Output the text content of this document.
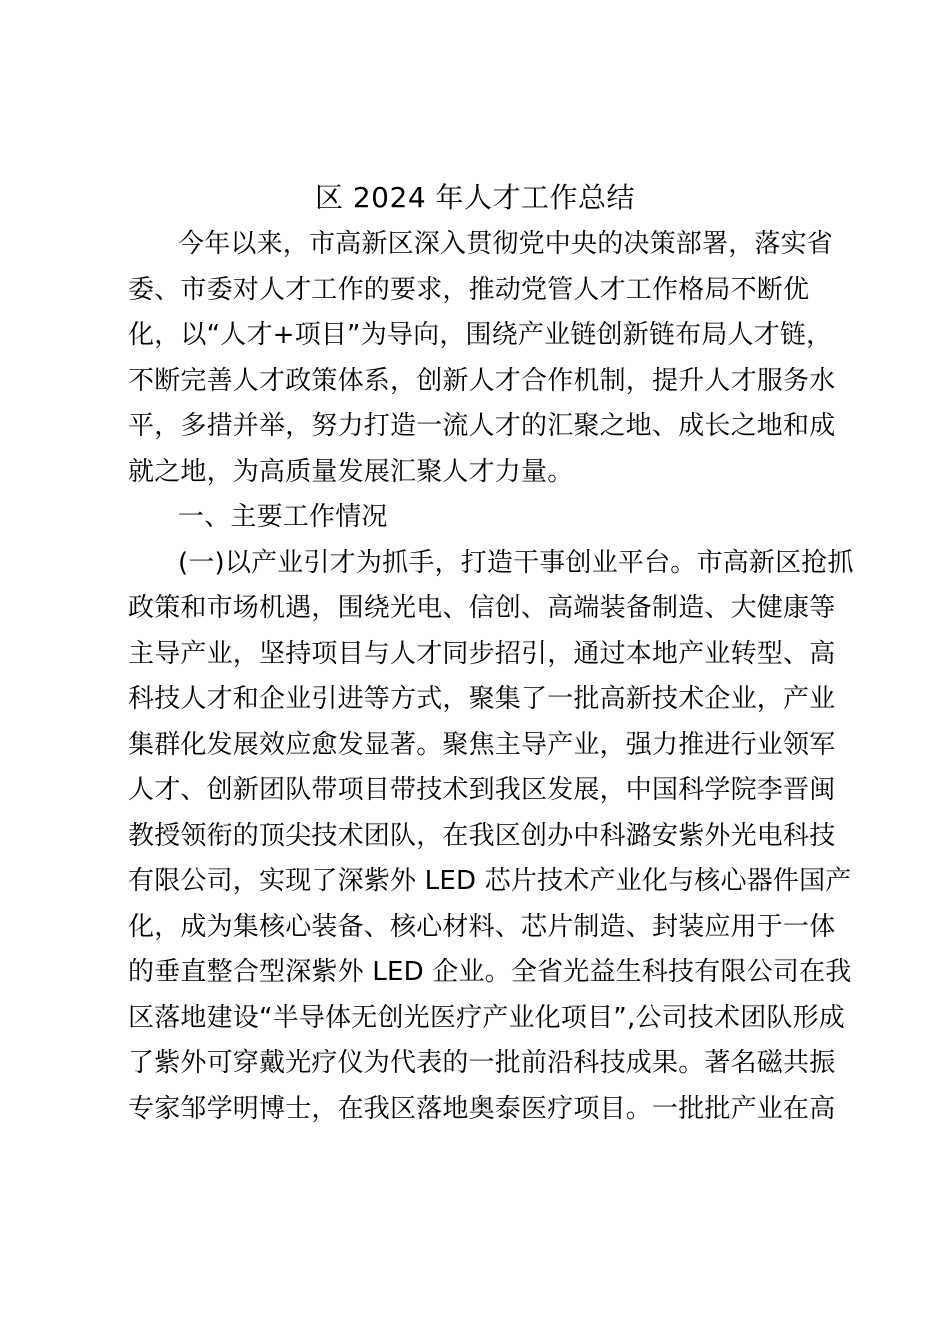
区 2024 年人才工作总结
今年以来，市高新区深入贯彻党中央的决策部署，落实省
委、市委对人才工作的要求，推动党管人才工作格局不断优
化，以“人才+项目”为导向，围绕产业链创新链布局人才链，
不断完善人才政策体系，创新人才合作机制，提升人才服务水
平，多措并举，努力打造一流人才的汇聚之地、成长之地和成
就之地，为高质量发展汇聚人才力量。
一、主要工作情况
(一)以产业引才为抓手，打造干事创业平台。市高新区抢抓
政策和市场机遇，围绕光电、信创、高端装备制造、大健康等
主导产业，坚持项目与人才同步招引，通过本地产业转型、高
科技人才和企业引进等方式，聚集了一批高新技术企业，产业
集群化发展效应愈发显著。聚焦主导产业，强力推进行业领军
人才、创新团队带项目带技术到我区发展，中国科学院李晋闽
教授领衔的顶尖技术团队，在我区创办中科潞安紫外光电科技
有限公司，实现了深紫外 LED 芯片技术产业化与核心器件国产
化，成为集核心装备、核心材料、芯片制造、封装应用于一体
的垂直整合型深紫外 LED 企业。全省光益生科技有限公司在我
区落地建设“半导体无创光医疗产业化项目”,公司技术团队形成
了紫外可穿戴光疗仪为代表的一批前沿科技成果。著名磁共振
专家邹学明博士，在我区落地奥泰医疗项目。一批批产业在高
